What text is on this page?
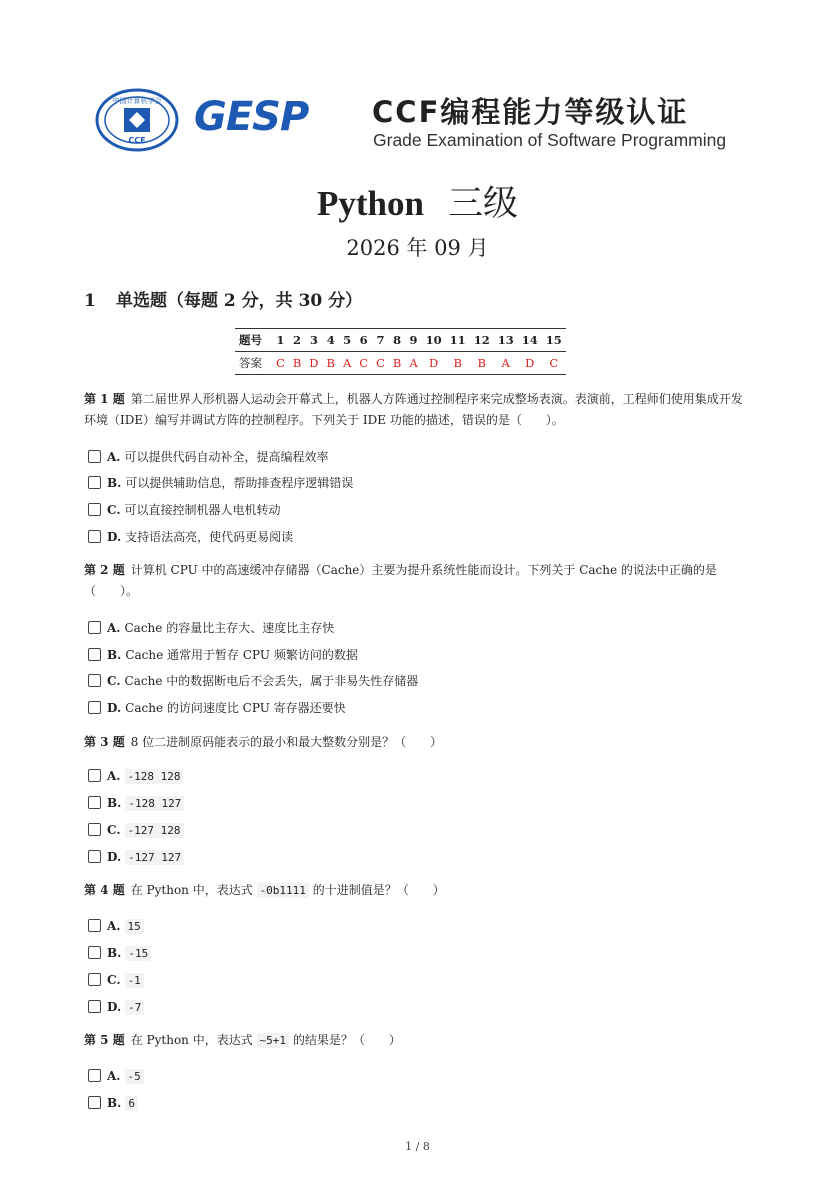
中国计算机学会
CCF
GESP CCF编程能力等级认证
Grade Examination of Software Programming
Python 三级
2026 年 09 月
1 单选题（每题 2 分，共 30 分）
题号	1	2	3	4	5	6	7	8	9	10	11	12	13	14	15
答案	C	B	D	B	A	C	C	B	A	D	B	B	A	D	C
第 1 题 第二届世界人形机器人运动会开幕式上，机器人方阵通过控制程序来完成整场表演。表演前，工程师们使用集成开发环境（IDE）编写并调试方阵的控制程序。下列关于 IDE 功能的描述，错误的是（　　）。
A. 可以提供代码自动补全，提高编程效率
B. 可以提供辅助信息，帮助排查程序逻辑错误
C. 可以直接控制机器人电机转动
D. 支持语法高亮，使代码更易阅读
第 2 题 计算机 CPU 中的高速缓冲存储器（Cache）主要为提升系统性能而设计。下列关于 Cache 的说法中正确的是（　　）。
A. Cache 的容量比主存大、速度比主存快
B. Cache 通常用于暂存 CPU 频繁访问的数据
C. Cache 中的数据断电后不会丢失，属于非易失性存储器
D. Cache 的访问速度比 CPU 寄存器还要快
第 3 题 8 位二进制原码能表示的最小和最大整数分别是？（　　）
A. -128 128
B. -128 127
C. -127 128
D. -127 127
第 4 题 在 Python 中，表达式 -0b1111 的十进制值是？（　　）
A. 15
B. -15
C. -1
D. -7
第 5 题 在 Python 中，表达式 ~5+1 的结果是？（　　）
A. -5
B. 6
1 / 8
